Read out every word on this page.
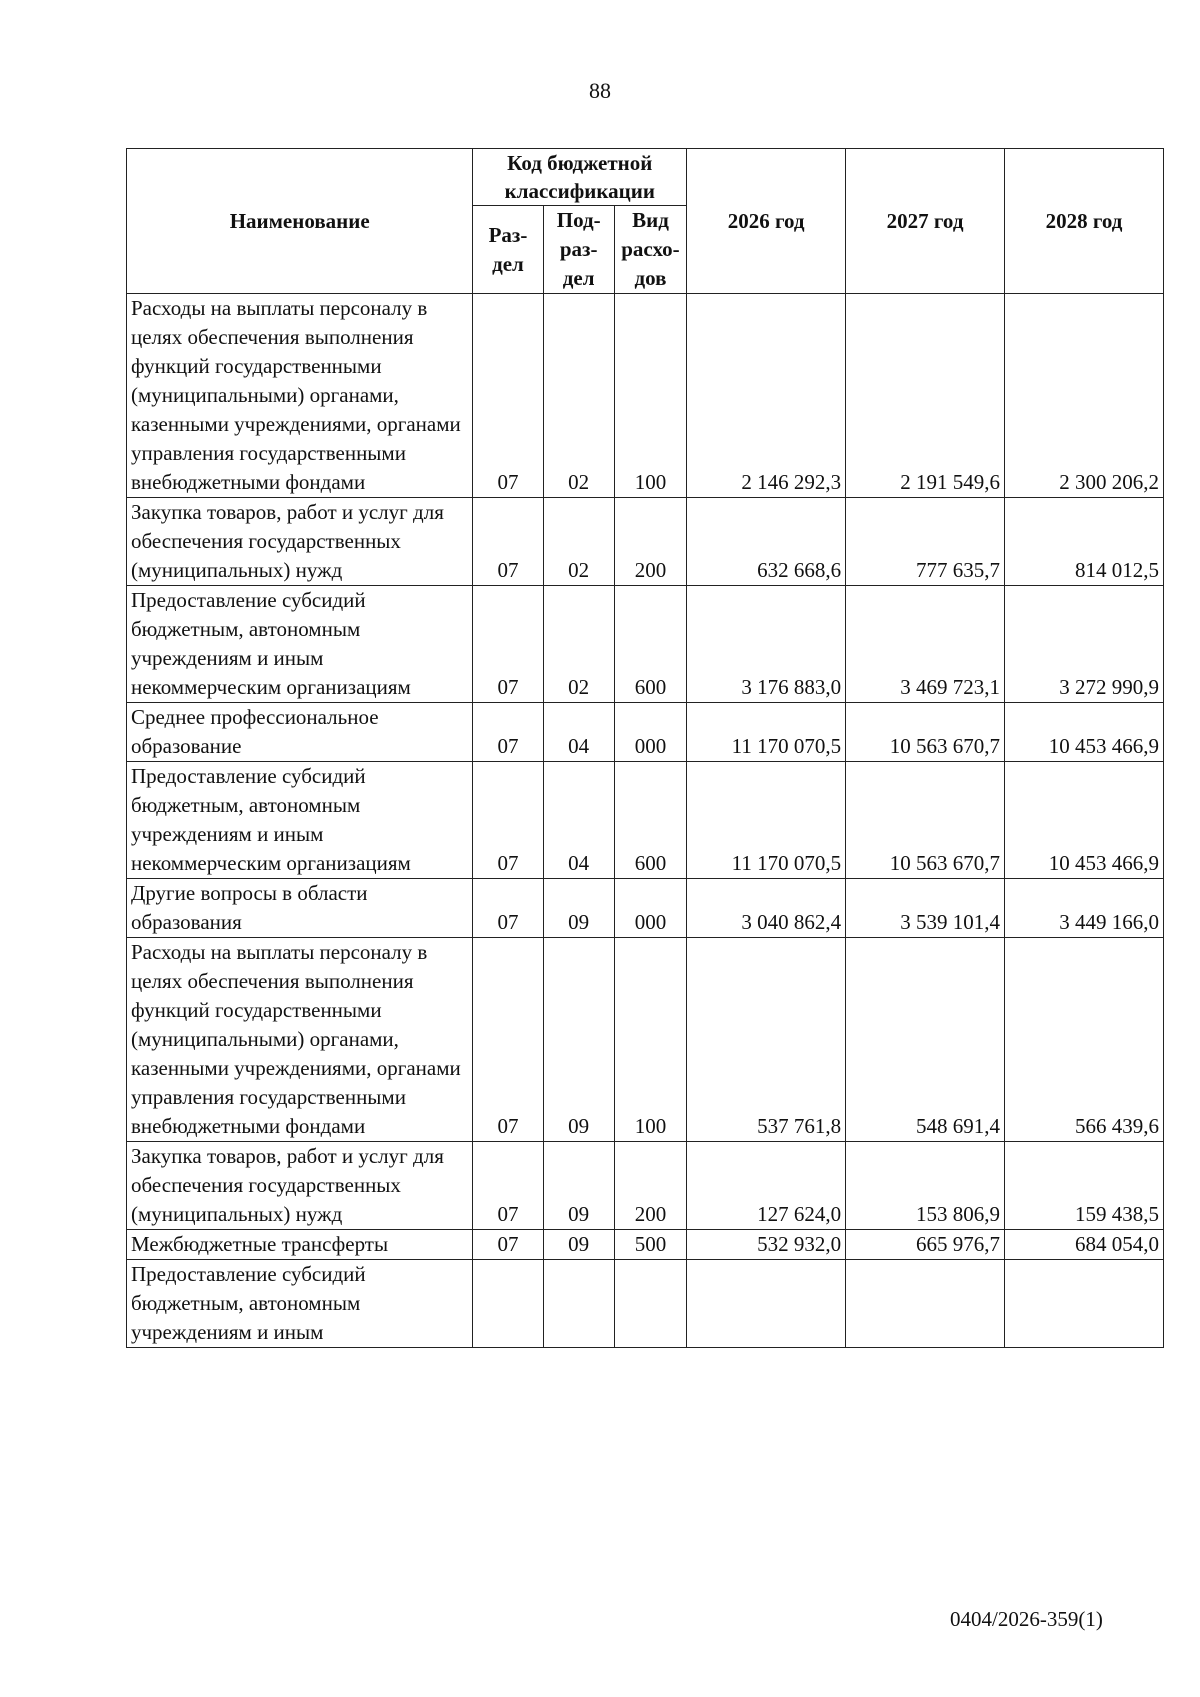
88
Наименование	Код бюджетной классификации			2026 год	2027 год	2028 год
	Раз-дел	Под-раз-дел	Вид расхо-дов			
Расходы на выплаты персоналу в целях обеспечения выполнения функций государственными (муниципальными) органами, казенными учреждениями, органами управления государственными внебюджетными фондами	07	02	100	2 146 292,3	2 191 549,6	2 300 206,2
Закупка товаров, работ и услуг для обеспечения государственных (муниципальных) нужд	07	02	200	632 668,6	777 635,7	814 012,5
Предоставление субсидий бюджетным, автономным учреждениям и иным некоммерческим организациям	07	02	600	3 176 883,0	3 469 723,1	3 272 990,9
Среднее профессиональное образование	07	04	000	11 170 070,5	10 563 670,7	10 453 466,9
Предоставление субсидий бюджетным, автономным учреждениям и иным некоммерческим организациям	07	04	600	11 170 070,5	10 563 670,7	10 453 466,9
Другие вопросы в области образования	07	09	000	3 040 862,4	3 539 101,4	3 449 166,0
Расходы на выплаты персоналу в целях обеспечения выполнения функций государственными (муниципальными) органами, казенными учреждениями, органами управления государственными внебюджетными фондами	07	09	100	537 761,8	548 691,4	566 439,6
Закупка товаров, работ и услуг для обеспечения государственных (муниципальных) нужд	07	09	200	127 624,0	153 806,9	159 438,5
Межбюджетные трансферты	07	09	500	532 932,0	665 976,7	684 054,0
Предоставление субсидий бюджетным, автономным учреждениям и иным						
0404/2026-359(1)
